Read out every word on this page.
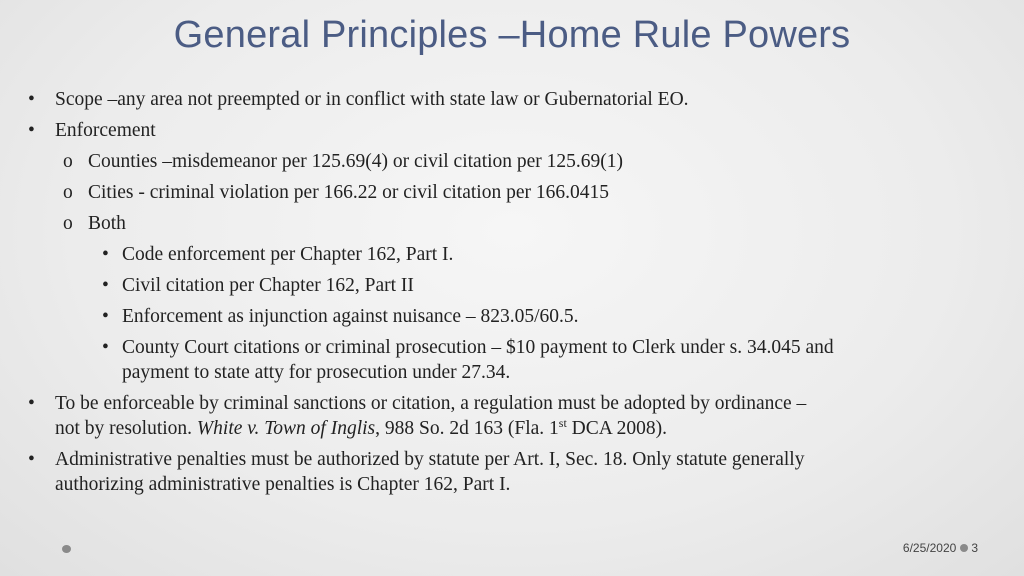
General Principles –Home Rule Powers
• Scope –any area not preempted or in conflict with state law or Gubernatorial EO.
• Enforcement
o Counties –misdemeanor per 125.69(4) or civil citation per 125.69(1)
o Cities - criminal violation per 166.22 or civil citation per 166.0415
o Both
• Code enforcement per Chapter 162, Part I.
• Civil citation per Chapter 162, Part II
• Enforcement as injunction against nuisance – 823.05/60.5.
• County Court citations or criminal prosecution – $10 payment to Clerk under s. 34.045 and
payment to state atty for prosecution under 27.34.
• To be enforceable by criminal sanctions or citation, a regulation must be adopted by ordinance –
not by resolution. White v. Town of Inglis, 988 So. 2d 163 (Fla. 1st DCA 2008).
• Administrative penalties must be authorized by statute per Art. I, Sec. 18. Only statute generally
authorizing administrative penalties is Chapter 162, Part I.
6/25/2020 3
